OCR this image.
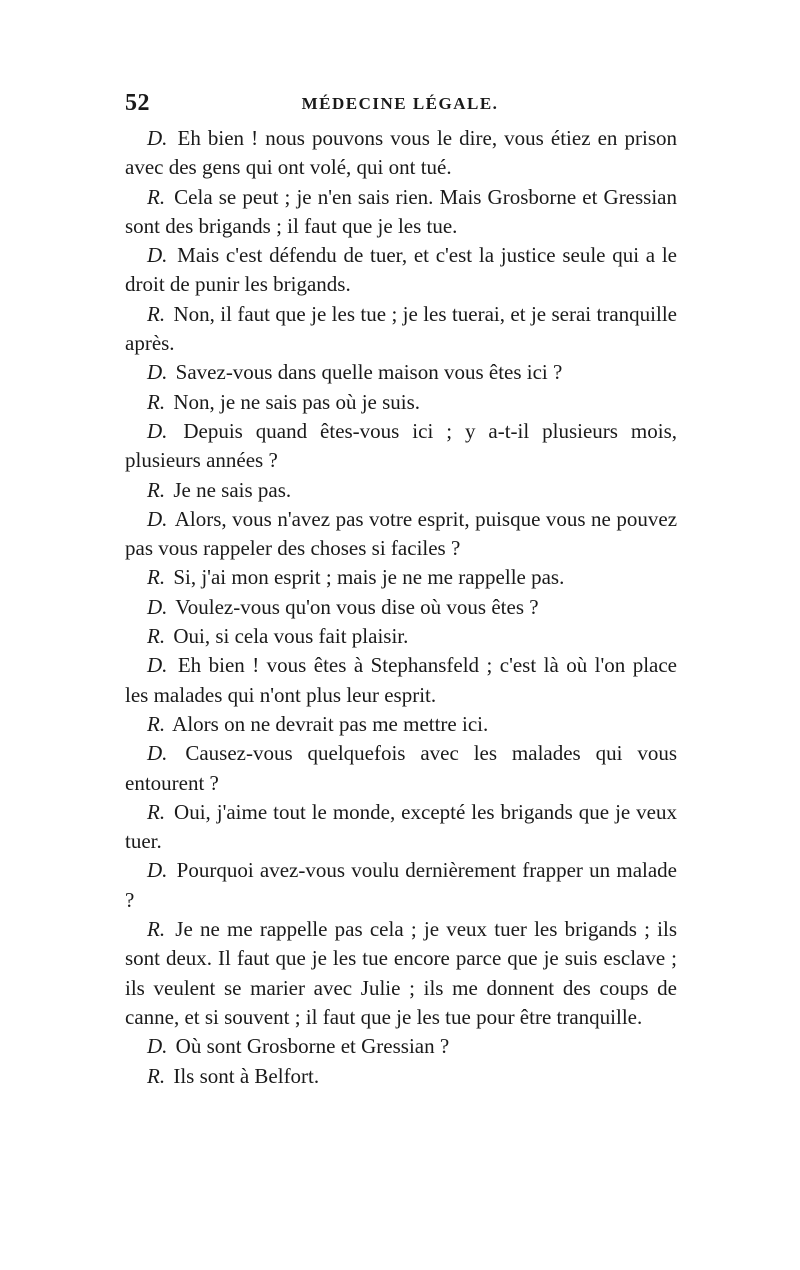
52	MÉDECINE LÉGALE.

D. Eh bien ! nous pouvons vous le dire, vous étiez en prison avec des gens qui ont volé, qui ont tué.

R. Cela se peut ; je n'en sais rien. Mais Grosborne et Gressian sont des brigands ; il faut que je les tue.

D. Mais c'est défendu de tuer, et c'est la justice seule qui a le droit de punir les brigands.

R. Non, il faut que je les tue ; je les tuerai, et je serai tranquille après.

D. Savez-vous dans quelle maison vous êtes ici ?

R. Non, je ne sais pas où je suis.

D. Depuis quand êtes-vous ici ; y a-t-il plusieurs mois, plusieurs années ?

R. Je ne sais pas.

D. Alors, vous n'avez pas votre esprit, puisque vous ne pouvez pas vous rappeler des choses si faciles ?

R. Si, j'ai mon esprit ; mais je ne me rappelle pas.

D. Voulez-vous qu'on vous dise où vous êtes ?

R. Oui, si cela vous fait plaisir.

D. Eh bien ! vous êtes à Stephansfeld ; c'est là où l'on place les malades qui n'ont plus leur esprit.

R. Alors on ne devrait pas me mettre ici.

D. Causez-vous quelquefois avec les malades qui vous entourent ?

R. Oui, j'aime tout le monde, excepté les brigands que je veux tuer.

D. Pourquoi avez-vous voulu dernièrement frapper un malade ?

R. Je ne me rappelle pas cela ; je veux tuer les brigands ; ils sont deux. Il faut que je les tue encore parce que je suis esclave ; ils veulent se marier avec Julie ; ils me donnent des coups de canne, et si souvent ; il faut que je les tue pour être tranquille.

D. Où sont Grosborne et Gressian ?

R. Ils sont à Belfort.
